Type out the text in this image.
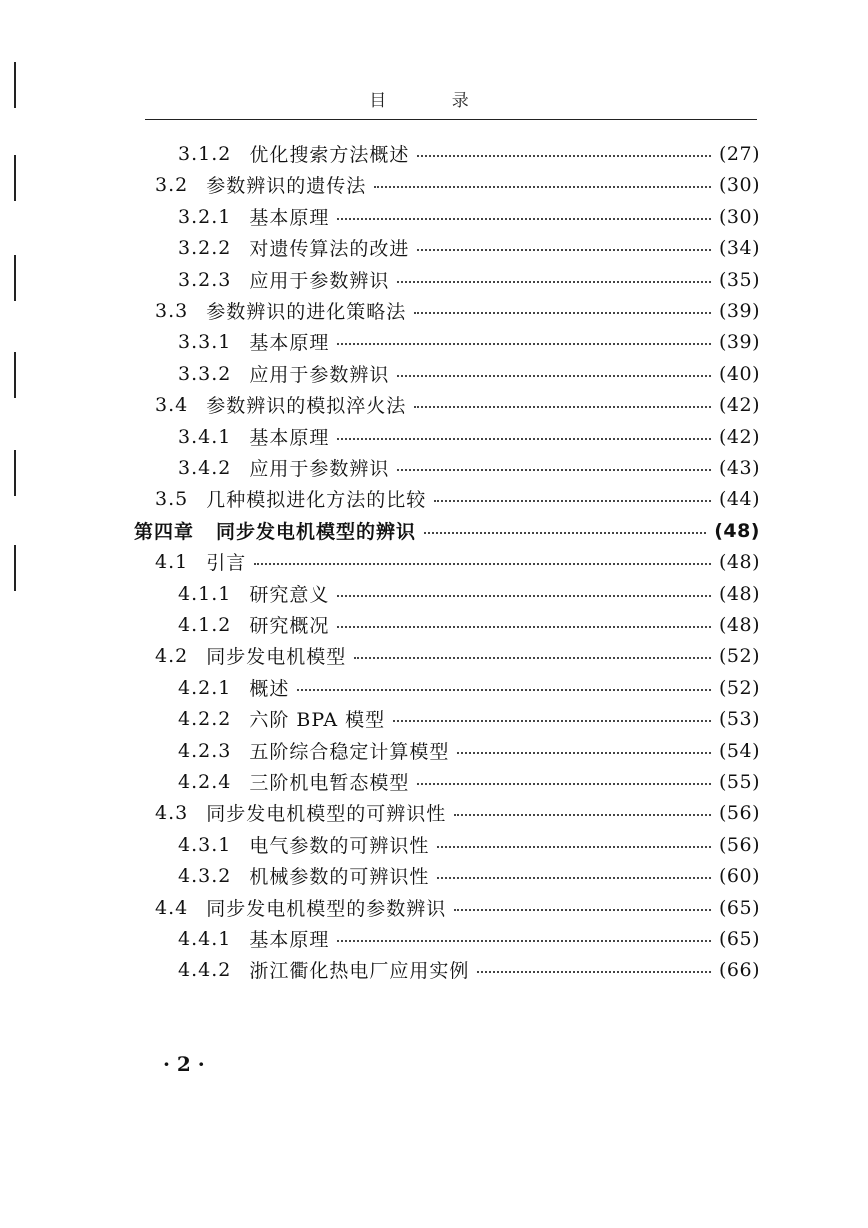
目 录
3.1.2 优化搜索方法概述	(27)
3.2 参数辨识的遗传法	(30)
3.2.1 基本原理	(30)
3.2.2 对遗传算法的改进	(34)
3.2.3 应用于参数辨识	(35)
3.3 参数辨识的进化策略法	(39)
3.3.1 基本原理	(39)
3.3.2 应用于参数辨识	(40)
3.4 参数辨识的模拟淬火法	(42)
3.4.1 基本原理	(42)
3.4.2 应用于参数辨识	(43)
3.5 几种模拟进化方法的比较	(44)
第四章 同步发电机模型的辨识	(48)
4.1 引言	(48)
4.1.1 研究意义	(48)
4.1.2 研究概况	(48)
4.2 同步发电机模型	(52)
4.2.1 概述	(52)
4.2.2 六阶 BPA 模型	(53)
4.2.3 五阶综合稳定计算模型	(54)
4.2.4 三阶机电暂态模型	(55)
4.3 同步发电机模型的可辨识性	(56)
4.3.1 电气参数的可辨识性	(56)
4.3.2 机械参数的可辨识性	(60)
4.4 同步发电机模型的参数辨识	(65)
4.4.1 基本原理	(65)
4.4.2 浙江衢化热电厂应用实例	(66)
· 2 ·
